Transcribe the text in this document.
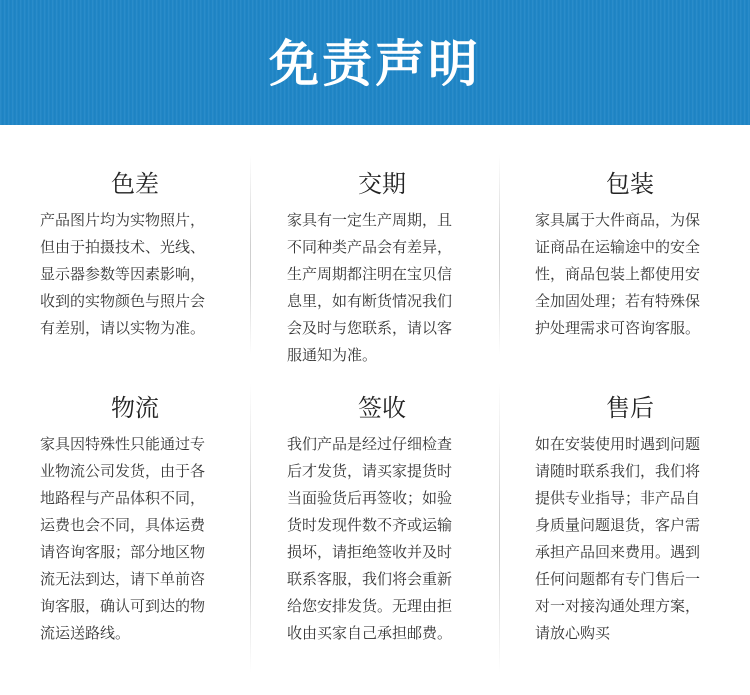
免责声明
色差
产品图片均为实物照片，
但由于拍摄技术、光线、
显示器参数等因素影响，
收到的实物颜色与照片会
有差别，请以实物为准。
交期
家具有一定生产周期，且
不同种类产品会有差异，
生产周期都注明在宝贝信
息里，如有断货情况我们
会及时与您联系，请以客
服通知为准。
包装
家具属于大件商品，为保
证商品在运输途中的安全
性，商品包装上都使用安
全加固处理；若有特殊保
护处理需求可咨询客服。
物流
家具因特殊性只能通过专
业物流公司发货，由于各
地路程与产品体积不同，
运费也会不同，具体运费
请咨询客服；部分地区物
流无法到达，请下单前咨
询客服，确认可到达的物
流运送路线。
签收
我们产品是经过仔细检查
后才发货，请买家提货时
当面验货后再签收；如验
货时发现件数不齐或运输
损坏，请拒绝签收并及时
联系客服，我们将会重新
给您安排发货。无理由拒
收由买家自己承担邮费。
售后
如在安装使用时遇到问题
请随时联系我们，我们将
提供专业指导；非产品自
身质量问题退货，客户需
承担产品回来费用。遇到
任何问题都有专门售后一
对一对接沟通处理方案，
请放心购买
